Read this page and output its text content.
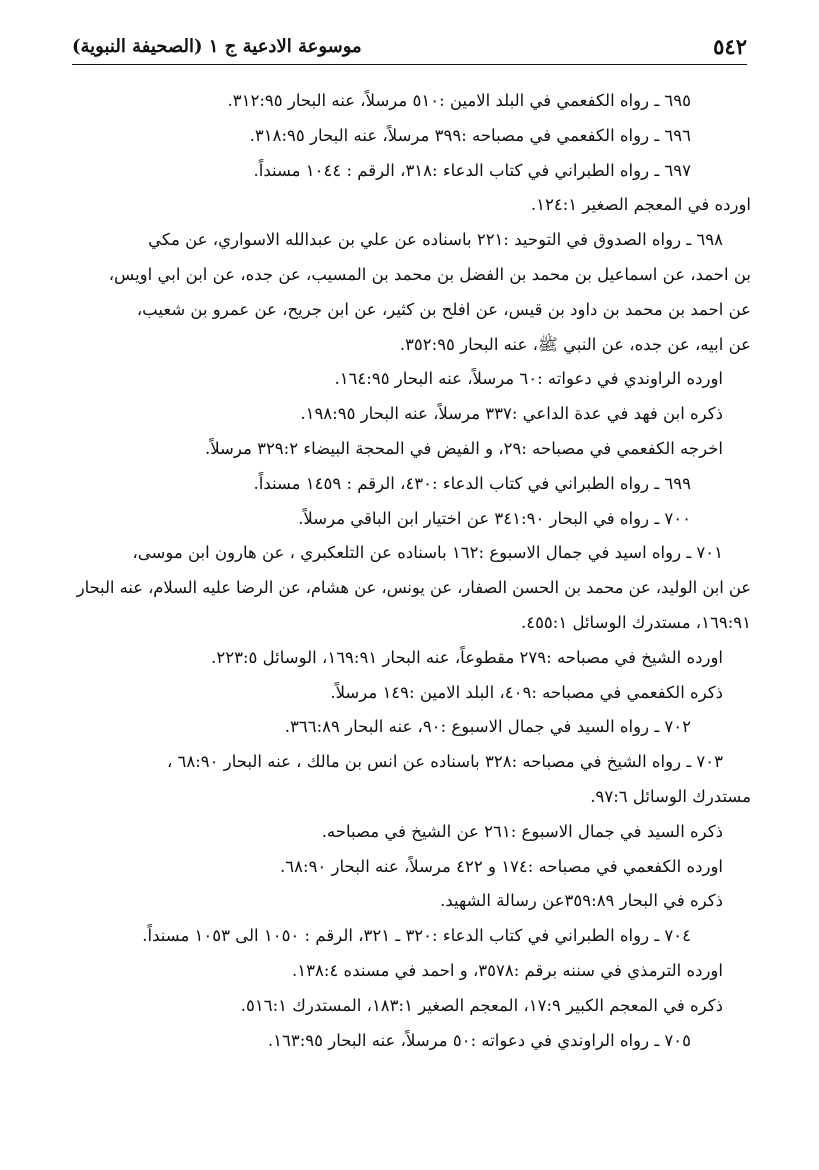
٥٤٢
موسوعة الادعية ج ١ (الصحيفة النبوية)
٦٩٥ ـ رواه الكفعمي في البلد الامين :٥١٠ مرسلاً، عنه البحار ٣١٢:٩٥.
٦٩٦ ـ رواه الكفعمي في مصباحه :٣٩٩ مرسلاً، عنه البحار ٣١٨:٩٥.
٦٩٧ ـ رواه الطبراني في كتاب الدعاء :٣١٨، الرقم : ١٠٤٤ مسنداً.
اورده في المعجم الصغير ١٢٤:١.
٦٩٨ ـ رواه الصدوق في التوحيد :٢٢١ باسناده عن علي بن عبدالله الاسواري، عن مكي
بن احمد، عن اسماعيل بن محمد بن الفضل بن محمد بن المسيب، عن جده، عن ابن ابي اويس،
عن احمد بن محمد بن داود بن قيس، عن افلح بن كثير، عن ابن جريح، عن عمرو بن شعيب،
عن ابيه، عن جده، عن النبي ﷺ، عنه البحار ٣٥٢:٩٥.
اورده الراوندي في دعواته :٦٠ مرسلاً، عنه البحار ١٦٤:٩٥.
ذكره ابن فهد في عدة الداعي :٣٣٧ مرسلاً، عنه البحار ١٩٨:٩٥.
اخرجه الكفعمي في مصباحه :٢٩، و الفيض في المحجة البيضاء ٣٢٩:٢ مرسلاً.
٦٩٩ ـ رواه الطبراني في كتاب الدعاء :٤٣٠، الرقم : ١٤٥٩ مسنداً.
٧٠٠ ـ رواه في البحار ٣٤١:٩٠ عن اختيار ابن الباقي مرسلاً.
٧٠١ ـ رواه اسيد في جمال الاسبوع :١٦٢ باسناده عن التلعكبري ، عن هارون ابن موسى،
عن ابن الوليد، عن محمد بن الحسن الصفار، عن يونس، عن هشام، عن الرضا عليه السلام، عنه البحار
١٦٩:٩١، مستدرك الوسائل ٤٥٥:١.
اورده الشيخ في مصباحه :٢٧٩ مقطوعاً، عنه البحار ١٦٩:٩١، الوسائل ٢٢٣:٥.
ذكره الكفعمي في مصباحه :٤٠٩، البلد الامين :١٤٩ مرسلاً.
٧٠٢ ـ رواه السيد في جمال الاسبوع :٩٠، عنه البحار ٣٦٦:٨٩.
٧٠٣ ـ رواه الشيخ في مصباحه :٣٢٨ باسناده عن انس بن مالك ، عنه البحار ٦٨:٩٠ ،
مستدرك الوسائل ٩٧:٦.
ذكره السيد في جمال الاسبوع :٢٦١ عن الشيخ في مصباحه.
اورده الكفعمي في مصباحه :١٧٤ و ٤٢٢ مرسلاً، عنه البحار ٦٨:٩٠.
ذكره في البحار ٣٥٩:٨٩عن رسالة الشهيد.
٧٠٤ ـ رواه الطبراني في كتاب الدعاء :٣٢٠ ـ ٣٢١، الرقم : ١٠٥٠ الى ١٠٥٣ مسنداً.
اورده الترمذي في سننه برقم :٣٥٧٨، و احمد في مسنده ١٣٨:٤.
ذكره في المعجم الكبير ١٧:٩، المعجم الصغير ١٨٣:١، المستدرك ٥١٦:١.
٧٠٥ ـ رواه الراوندي في دعواته :٥٠ مرسلاً، عنه البحار ١٦٣:٩٥.
